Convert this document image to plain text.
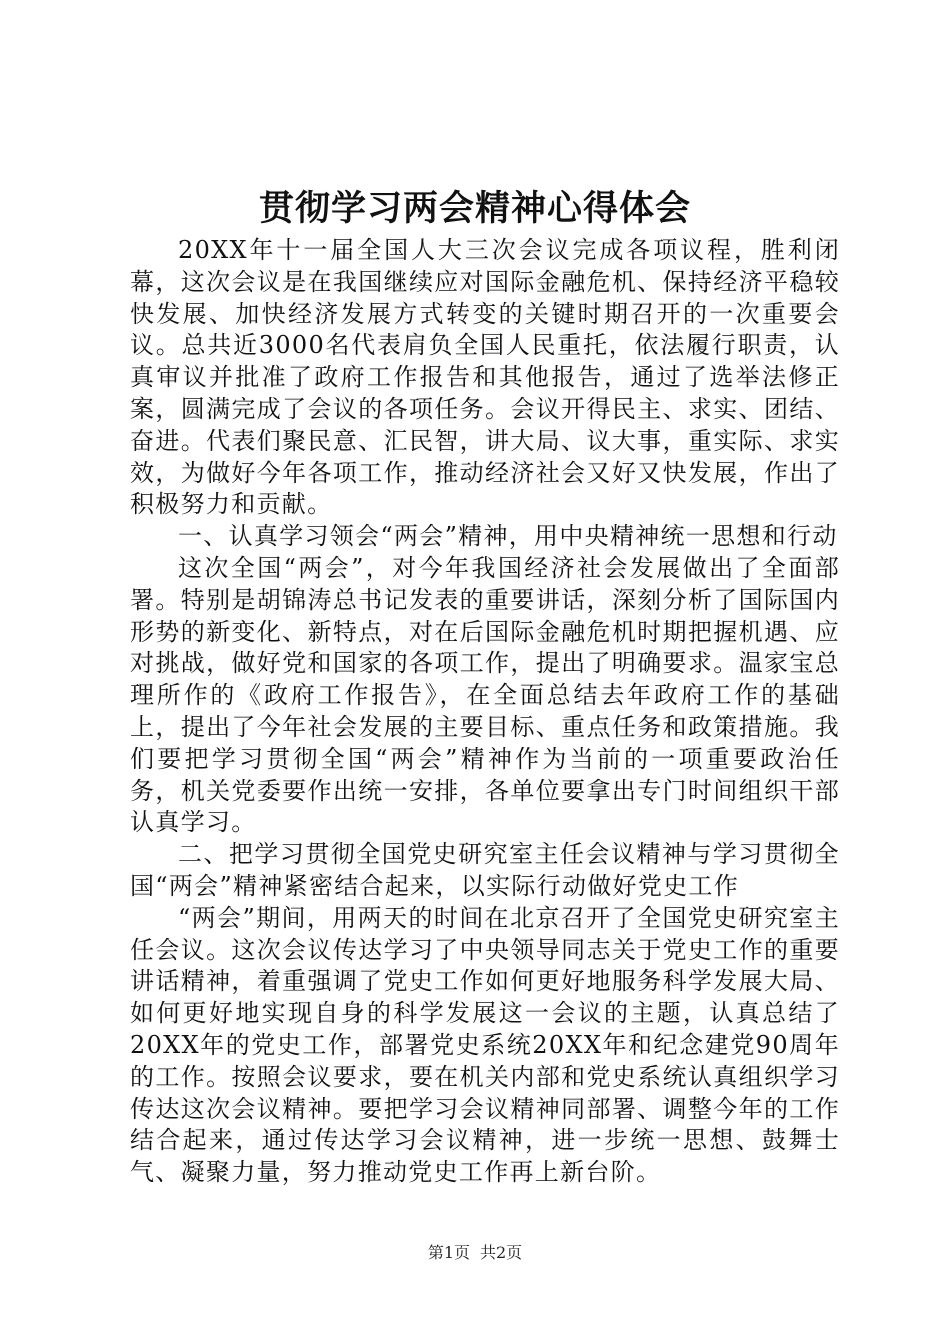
贯彻学习两会精神心得体会

20XX年十一届全国人大三次会议完成各项议程，胜利闭幕，这次会议是在我国继续应对国际金融危机、保持经济平稳较快发展、加快经济发展方式转变的关键时期召开的一次重要会议。总共近3000名代表肩负全国人民重托，依法履行职责，认真审议并批准了政府工作报告和其他报告，通过了选举法修正案，圆满完成了会议的各项任务。会议开得民主、求实、团结、奋进。代表们聚民意、汇民智，讲大局、议大事，重实际、求实效，为做好今年各项工作，推动经济社会又好又快发展，作出了积极努力和贡献。

一、认真学习领会“两会”精神，用中央精神统一思想和行动

这次全国“两会”，对今年我国经济社会发展做出了全面部署。特别是胡锦涛总书记发表的重要讲话，深刻分析了国际国内形势的新变化、新特点，对在后国际金融危机时期把握机遇、应对挑战，做好党和国家的各项工作，提出了明确要求。温家宝总理所作的《政府工作报告》，在全面总结去年政府工作的基础上，提出了今年社会发展的主要目标、重点任务和政策措施。我们要把学习贯彻全国“两会”精神作为当前的一项重要政治任务，机关党委要作出统一安排，各单位要拿出专门时间组织干部认真学习。

二、把学习贯彻全国党史研究室主任会议精神与学习贯彻全国“两会”精神紧密结合起来，以实际行动做好党史工作

“两会”期间，用两天的时间在北京召开了全国党史研究室主任会议。这次会议传达学习了中央领导同志关于党史工作的重要讲话精神，着重强调了党史工作如何更好地服务科学发展大局、如何更好地实现自身的科学发展这一会议的主题，认真总结了20XX年的党史工作，部署党史系统20XX年和纪念建党90周年的工作。按照会议要求，要在机关内部和党史系统认真组织学习传达这次会议精神。要把学习会议精神同部署、调整今年的工作结合起来，通过传达学习会议精神，进一步统一思想、鼓舞士气、凝聚力量，努力推动党史工作再上新台阶。

第1页 共2页
